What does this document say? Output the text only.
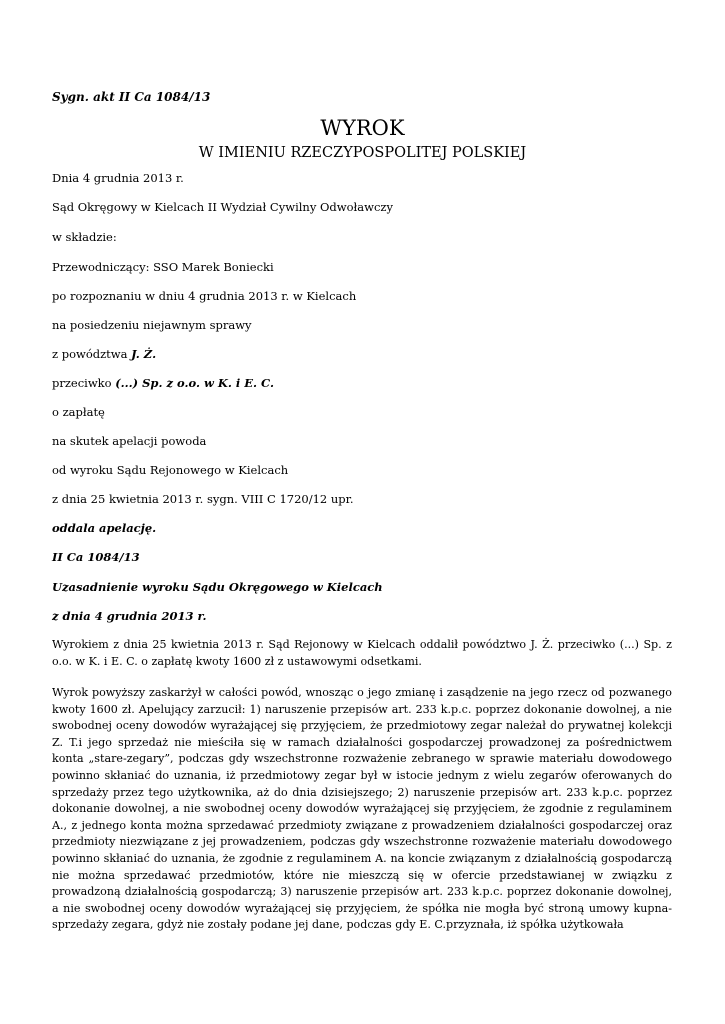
Sygn. akt II Ca 1084/13
WYROK
W IMIENIU RZECZYPOSPOLITEJ POLSKIEJ
Dnia 4 grudnia 2013 r.
Sąd Okręgowy w Kielcach II Wydział Cywilny Odwoławczy
w składzie:
Przewodniczący: SSO Marek Boniecki
po rozpoznaniu w dniu 4 grudnia 2013 r. w Kielcach
na posiedzeniu niejawnym sprawy
z powództwa J. Ż.
przeciwko (...) Sp. z o.o. w K. i E. C.
o zapłatę
na skutek apelacji powoda
od wyroku Sądu Rejonowego w Kielcach
z dnia 25 kwietnia 2013 r. sygn. VIII C 1720/12 upr.
oddala apelację.
II Ca 1084/13
Uzasadnienie wyroku Sądu Okręgowego w Kielcach
z dnia 4 grudnia 2013 r.
Wyrokiem z dnia 25 kwietnia 2013 r. Sąd Rejonowy w Kielcach oddalił powództwo J. Ż. przeciwko (...) Sp. z o.o. w K. i E. C. o zapłatę kwoty 1600 zł z ustawowymi odsetkami.
Wyrok powyższy zaskarżył w całości powód, wnosząc o jego zmianę i zasądzenie na jego rzecz od pozwanego kwoty 1600 zł. Apelujący zarzucił: 1) naruszenie przepisów art. 233 k.p.c. poprzez dokonanie dowolnej, a nie swobodnej oceny dowodów wyrażającej się przyjęciem, że przedmiotowy zegar należał do prywatnej kolekcji Z. T.i jego sprzedaż nie mieściła się w ramach działalności gospodarczej prowadzonej za pośrednictwem konta „stare-zegary”, podczas gdy wszechstronne rozważenie zebranego w sprawie materiału dowodowego powinno skłaniać do uznania, iż przedmiotowy zegar był w istocie jednym z wielu zegarów oferowanych do sprzedaży przez tego użytkownika, aż do dnia dzisiejszego; 2) naruszenie przepisów art. 233 k.p.c. poprzez dokonanie dowolnej, a nie swobodnej oceny dowodów wyrażającej się przyjęciem, że zgodnie z regulaminem A., z jednego konta można sprzedawać przedmioty związane z prowadzeniem działalności gospodarczej oraz przedmioty niezwiązane z jej prowadzeniem, podczas gdy wszechstronne rozważenie materiału dowodowego powinno skłaniać do uznania, że zgodnie z regulaminem A. na koncie związanym z działalnością gospodarczą nie można sprzedawać przedmiotów, które nie mieszczą się w ofercie przedstawianej w związku z prowadzoną działalnością gospodarczą; 3) naruszenie przepisów art. 233 k.p.c. poprzez dokonanie dowolnej, a nie swobodnej oceny dowodów wyrażającej się przyjęciem, że spółka nie mogła być stroną umowy kupna-sprzedaży zegara, gdyż nie zostały podane jej dane, podczas gdy E. C.przyznała, iż spółka użytkowała
